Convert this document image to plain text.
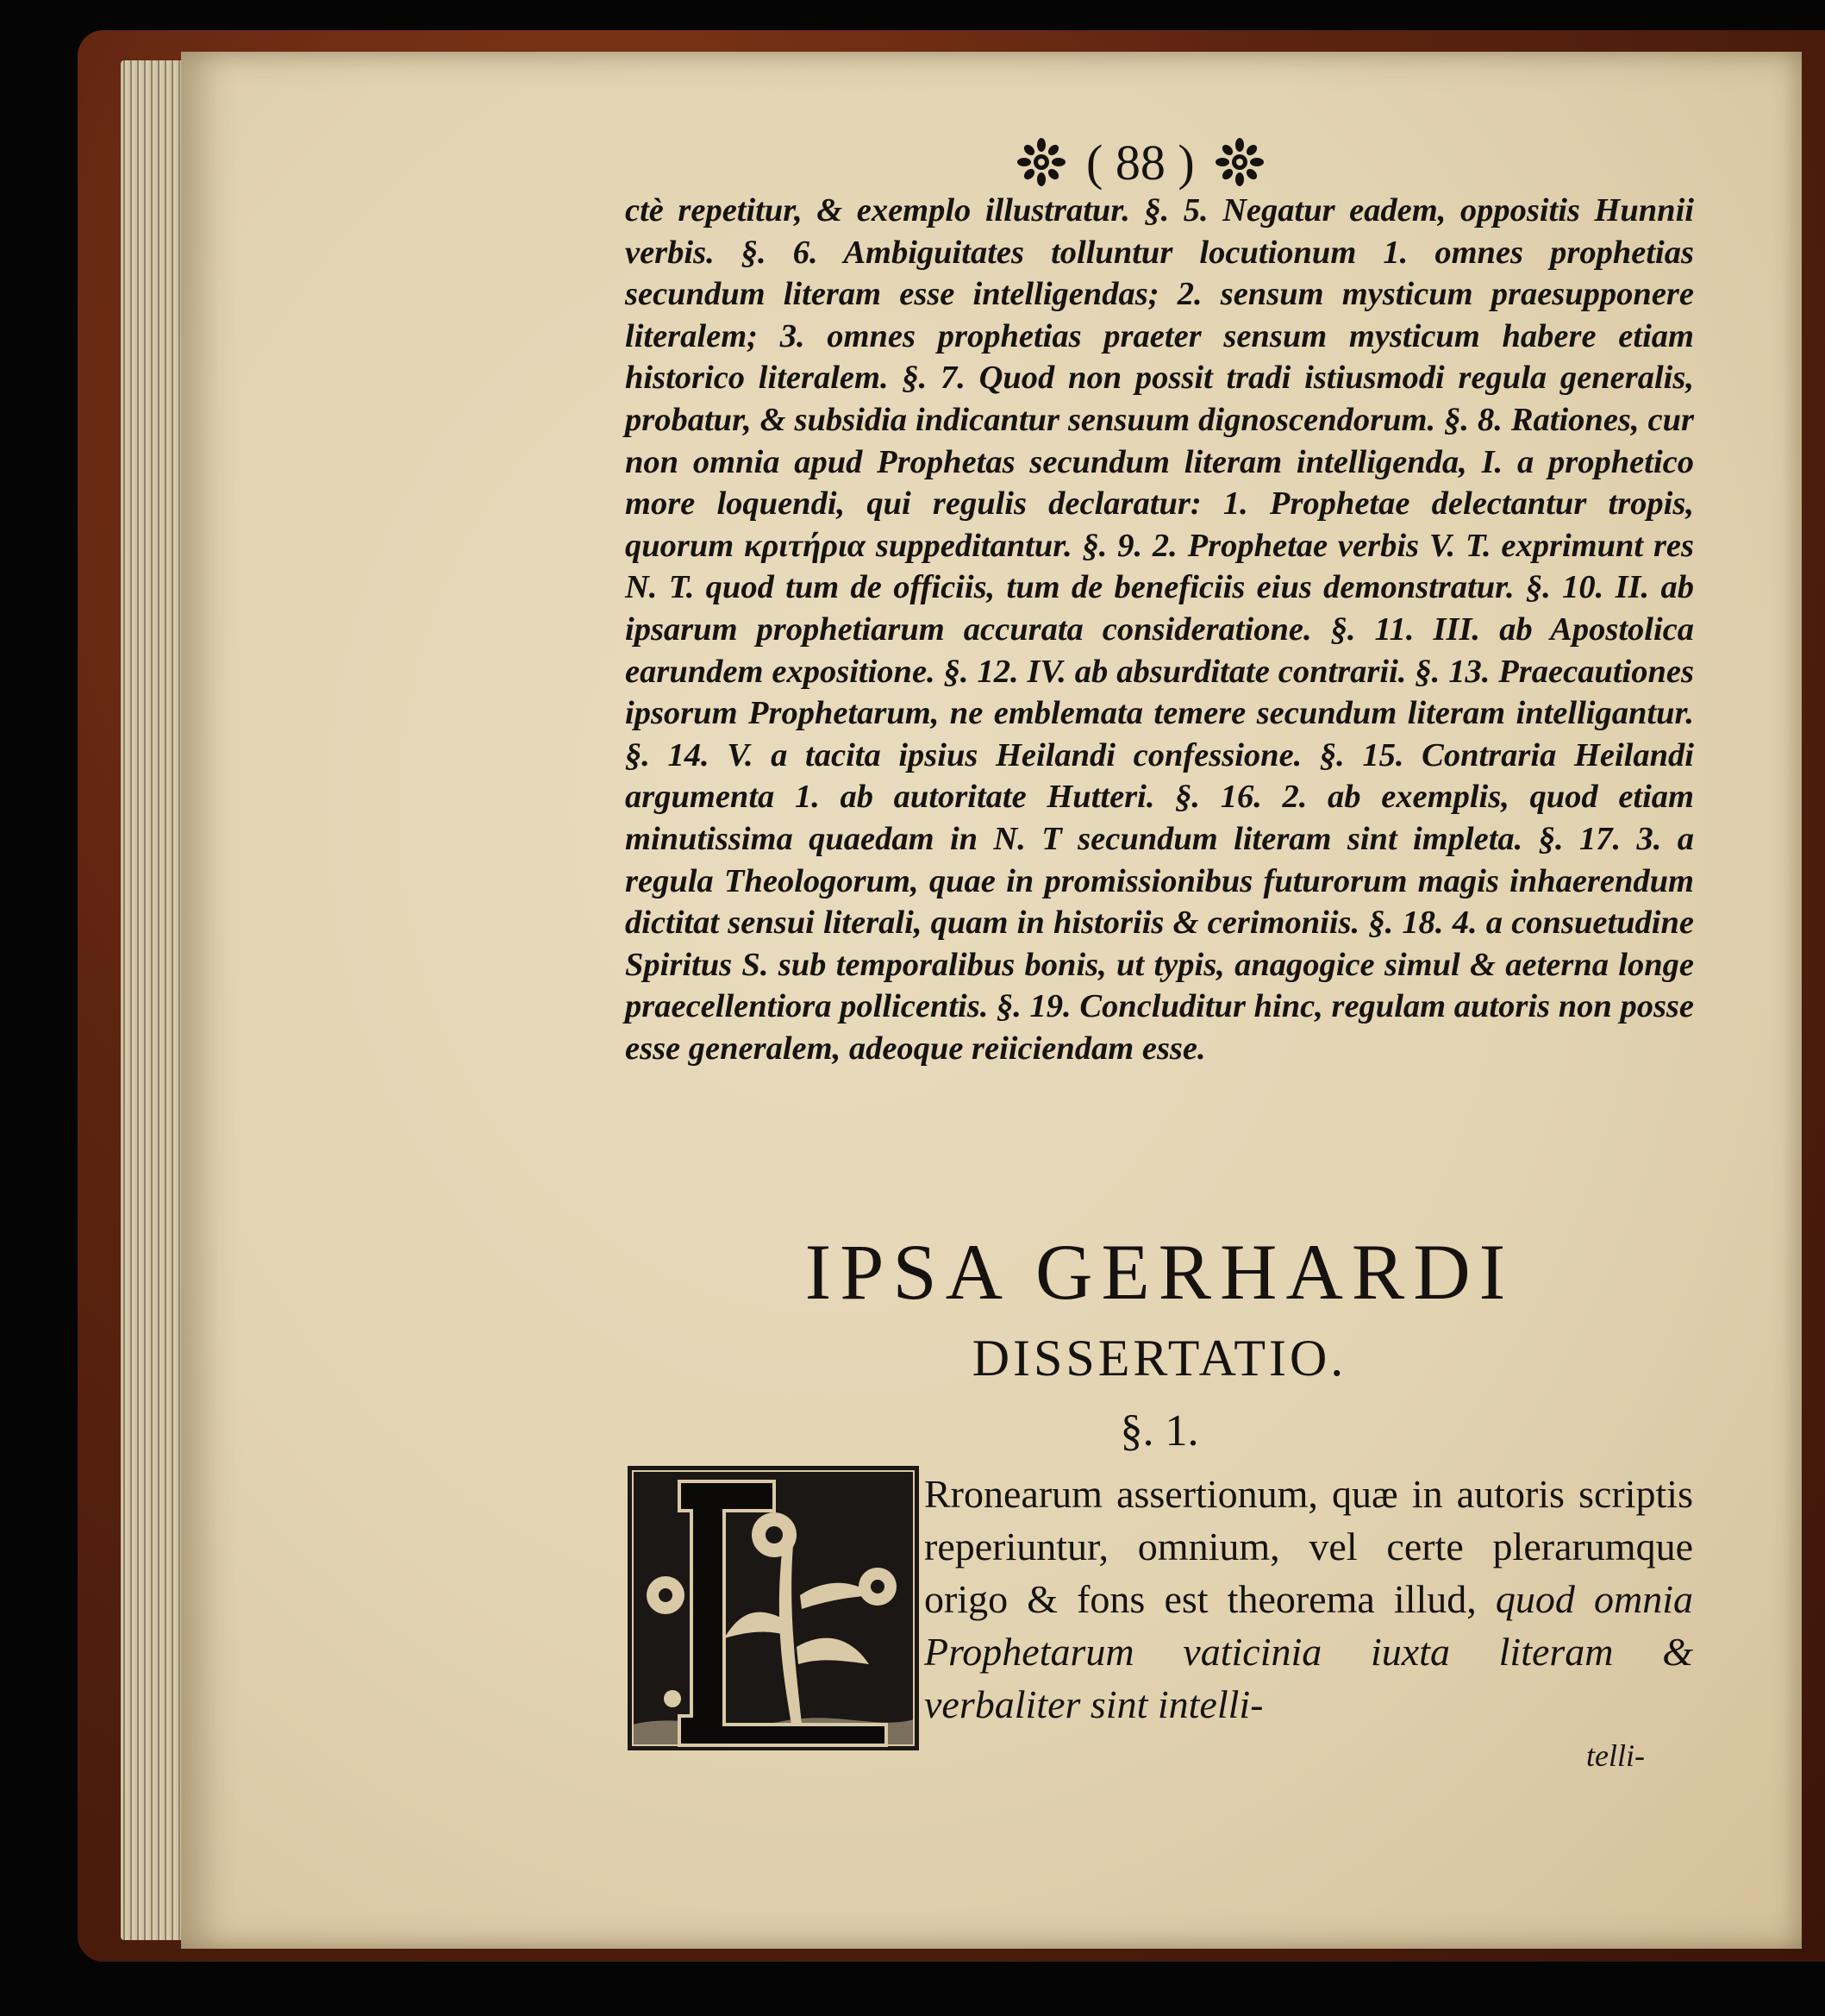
( 88 )

ctè repetitur, & exemplo illustratur. §. 5. Negatur eadem, oppositis Hunnii verbis. §. 6. Ambiguitates tolluntur locutionum 1. omnes prophetias secundum literam esse intelligendas; 2. sensum mysticum praesupponere literalem; 3. omnes prophetias praeter sensum mysticum habere etiam historico literalem. §. 7. Quod non possit tradi istiusmodi regula generalis, probatur, & subsidia indicantur sensuum dignoscendorum. §. 8. Rationes, cur non omnia apud Prophetas secundum literam intelligenda, I. a prophetico more loquendi, qui regulis declaratur: 1. Prophetae delectantur tropis, quorum κριτήρια suppeditantur. §. 9. 2. Prophetae verbis V. T. exprimunt res N. T. quod tum de officiis, tum de beneficiis eius demonstratur. §. 10. II. ab ipsarum prophetiarum accurata consideratione. §. 11. III. ab Apostolica earundem expositione. §. 12. IV. ab absurditate contrarii. §. 13. Praecautiones ipsorum Prophetarum, ne emblemata temere secundum literam intelligantur. §. 14. V. a tacita ipsius Heilandi confessione. §. 15. Contraria Heilandi argumenta 1. ab autoritate Hutteri. §. 16. 2. ab exemplis, quod etiam minutissima quaedam in N. T secundum literam sint impleta. §. 17. 3. a regula Theologorum, quae in promissionibus futurorum magis inhaerendum dictitat sensui literali, quam in historiis & cerimoniis. §. 18. 4. a consuetudine Spiritus S. sub temporalibus bonis, ut typis, anagogice simul & aeterna longe praecellentiora pollicentis. §. 19. Concluditur hinc, regulam autoris non posse esse generalem, adeoque reiiciendam esse.

IPSA GERHARDI
DISSERTATIO.
§. 1.

Rronearum assertionum, quæ in autoris scriptis reperiuntur, omnium, vel certe plerarumque origo & fons est theorema illud, quod omnia Prophetarum vaticinia iuxta literam & verbaliter sint intelli-

telli-
